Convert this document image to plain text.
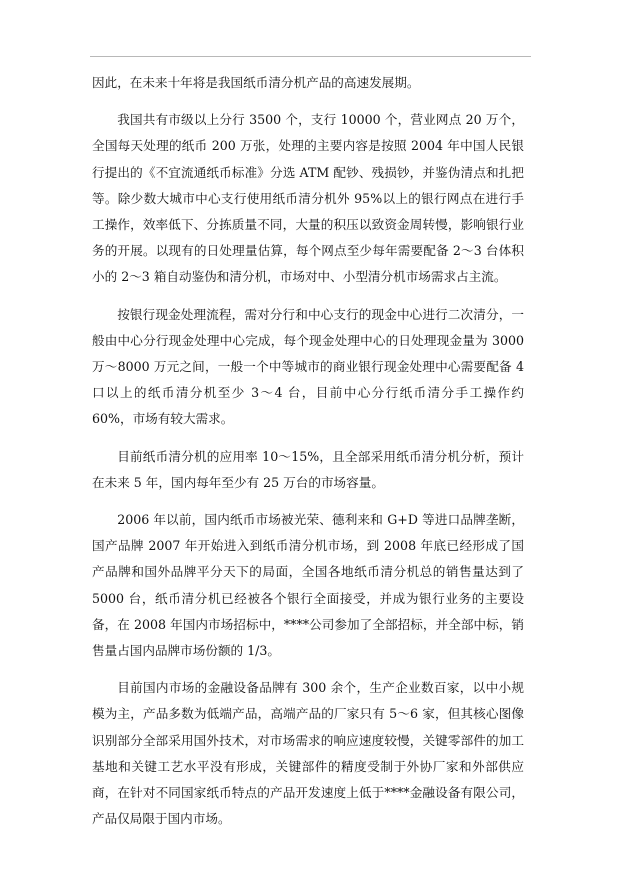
因此，在未来十年将是我国纸币清分机产品的高速发展期。

我国共有市级以上分行 3500 个，支行 10000 个，营业网点 20 万个，全国每天处理的纸币 200 万张，处理的主要内容是按照 2004 年中国人民银行提出的《不宜流通纸币标准》分选 ATM 配钞、残损钞，并鉴伪清点和扎把等。除少数大城市中心支行使用纸币清分机外 95%以上的银行网点在进行手工操作，效率低下、分拣质量不同，大量的积压以致资金周转慢，影响银行业务的开展。以现有的日处理量估算，每个网点至少每年需要配备 2～3 台体积小的 2～3 箱自动鉴伪和清分机，市场对中、小型清分机市场需求占主流。

按银行现金处理流程，需对分行和中心支行的现金中心进行二次清分，一般由中心分行现金处理中心完成，每个现金处理中心的日处理现金量为 3000 万～8000 万元之间，一般一个中等城市的商业银行现金处理中心需要配备 4 口以上的纸币清分机至少 3～4 台，目前中心分行纸币清分手工操作约 60%，市场有较大需求。

目前纸币清分机的应用率 10～15%，且全部采用纸币清分机分析，预计在未来 5 年，国内每年至少有 25 万台的市场容量。

2006 年以前，国内纸币市场被光荣、德利来和 G+D 等进口品牌垄断，国产品牌 2007 年开始进入到纸币清分机市场，到 2008 年底已经形成了国产品牌和国外品牌平分天下的局面，全国各地纸币清分机总的销售量达到了 5000 台，纸币清分机已经被各个银行全面接受，并成为银行业务的主要设备，在 2008 年国内市场招标中，****公司参加了全部招标，并全部中标，销售量占国内品牌市场份额的 1/3。

目前国内市场的金融设备品牌有 300 余个，生产企业数百家，以中小规模为主，产品多数为低端产品，高端产品的厂家只有 5～6 家，但其核心图像识别部分全部采用国外技术，对市场需求的响应速度较慢，关键零部件的加工基地和关键工艺水平没有形成，关键部件的精度受制于外协厂家和外部供应商，在针对不同国家纸币特点的产品开发速度上低于****金融设备有限公司，产品仅局限于国内市场。
